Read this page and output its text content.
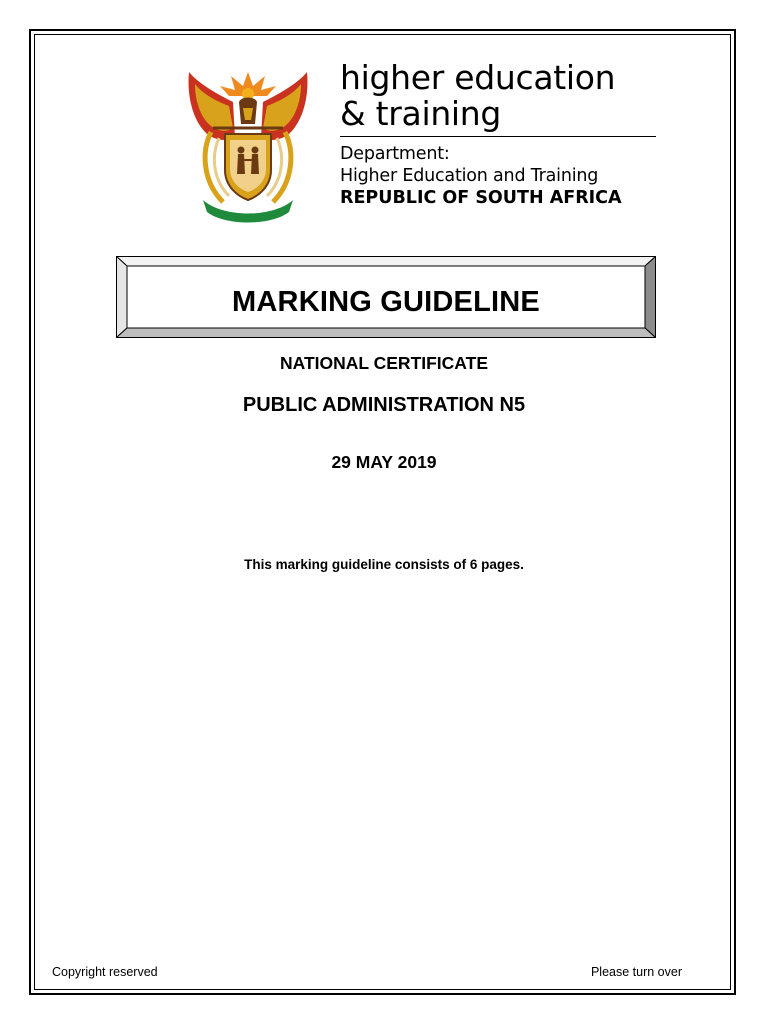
higher education
& training
Department:
Higher Education and Training
REPUBLIC OF SOUTH AFRICA
MARKING GUIDELINE
NATIONAL CERTIFICATE
PUBLIC ADMINISTRATION N5
29 MAY 2019
This marking guideline consists of 6 pages.
Copyright reserved	Please turn over
